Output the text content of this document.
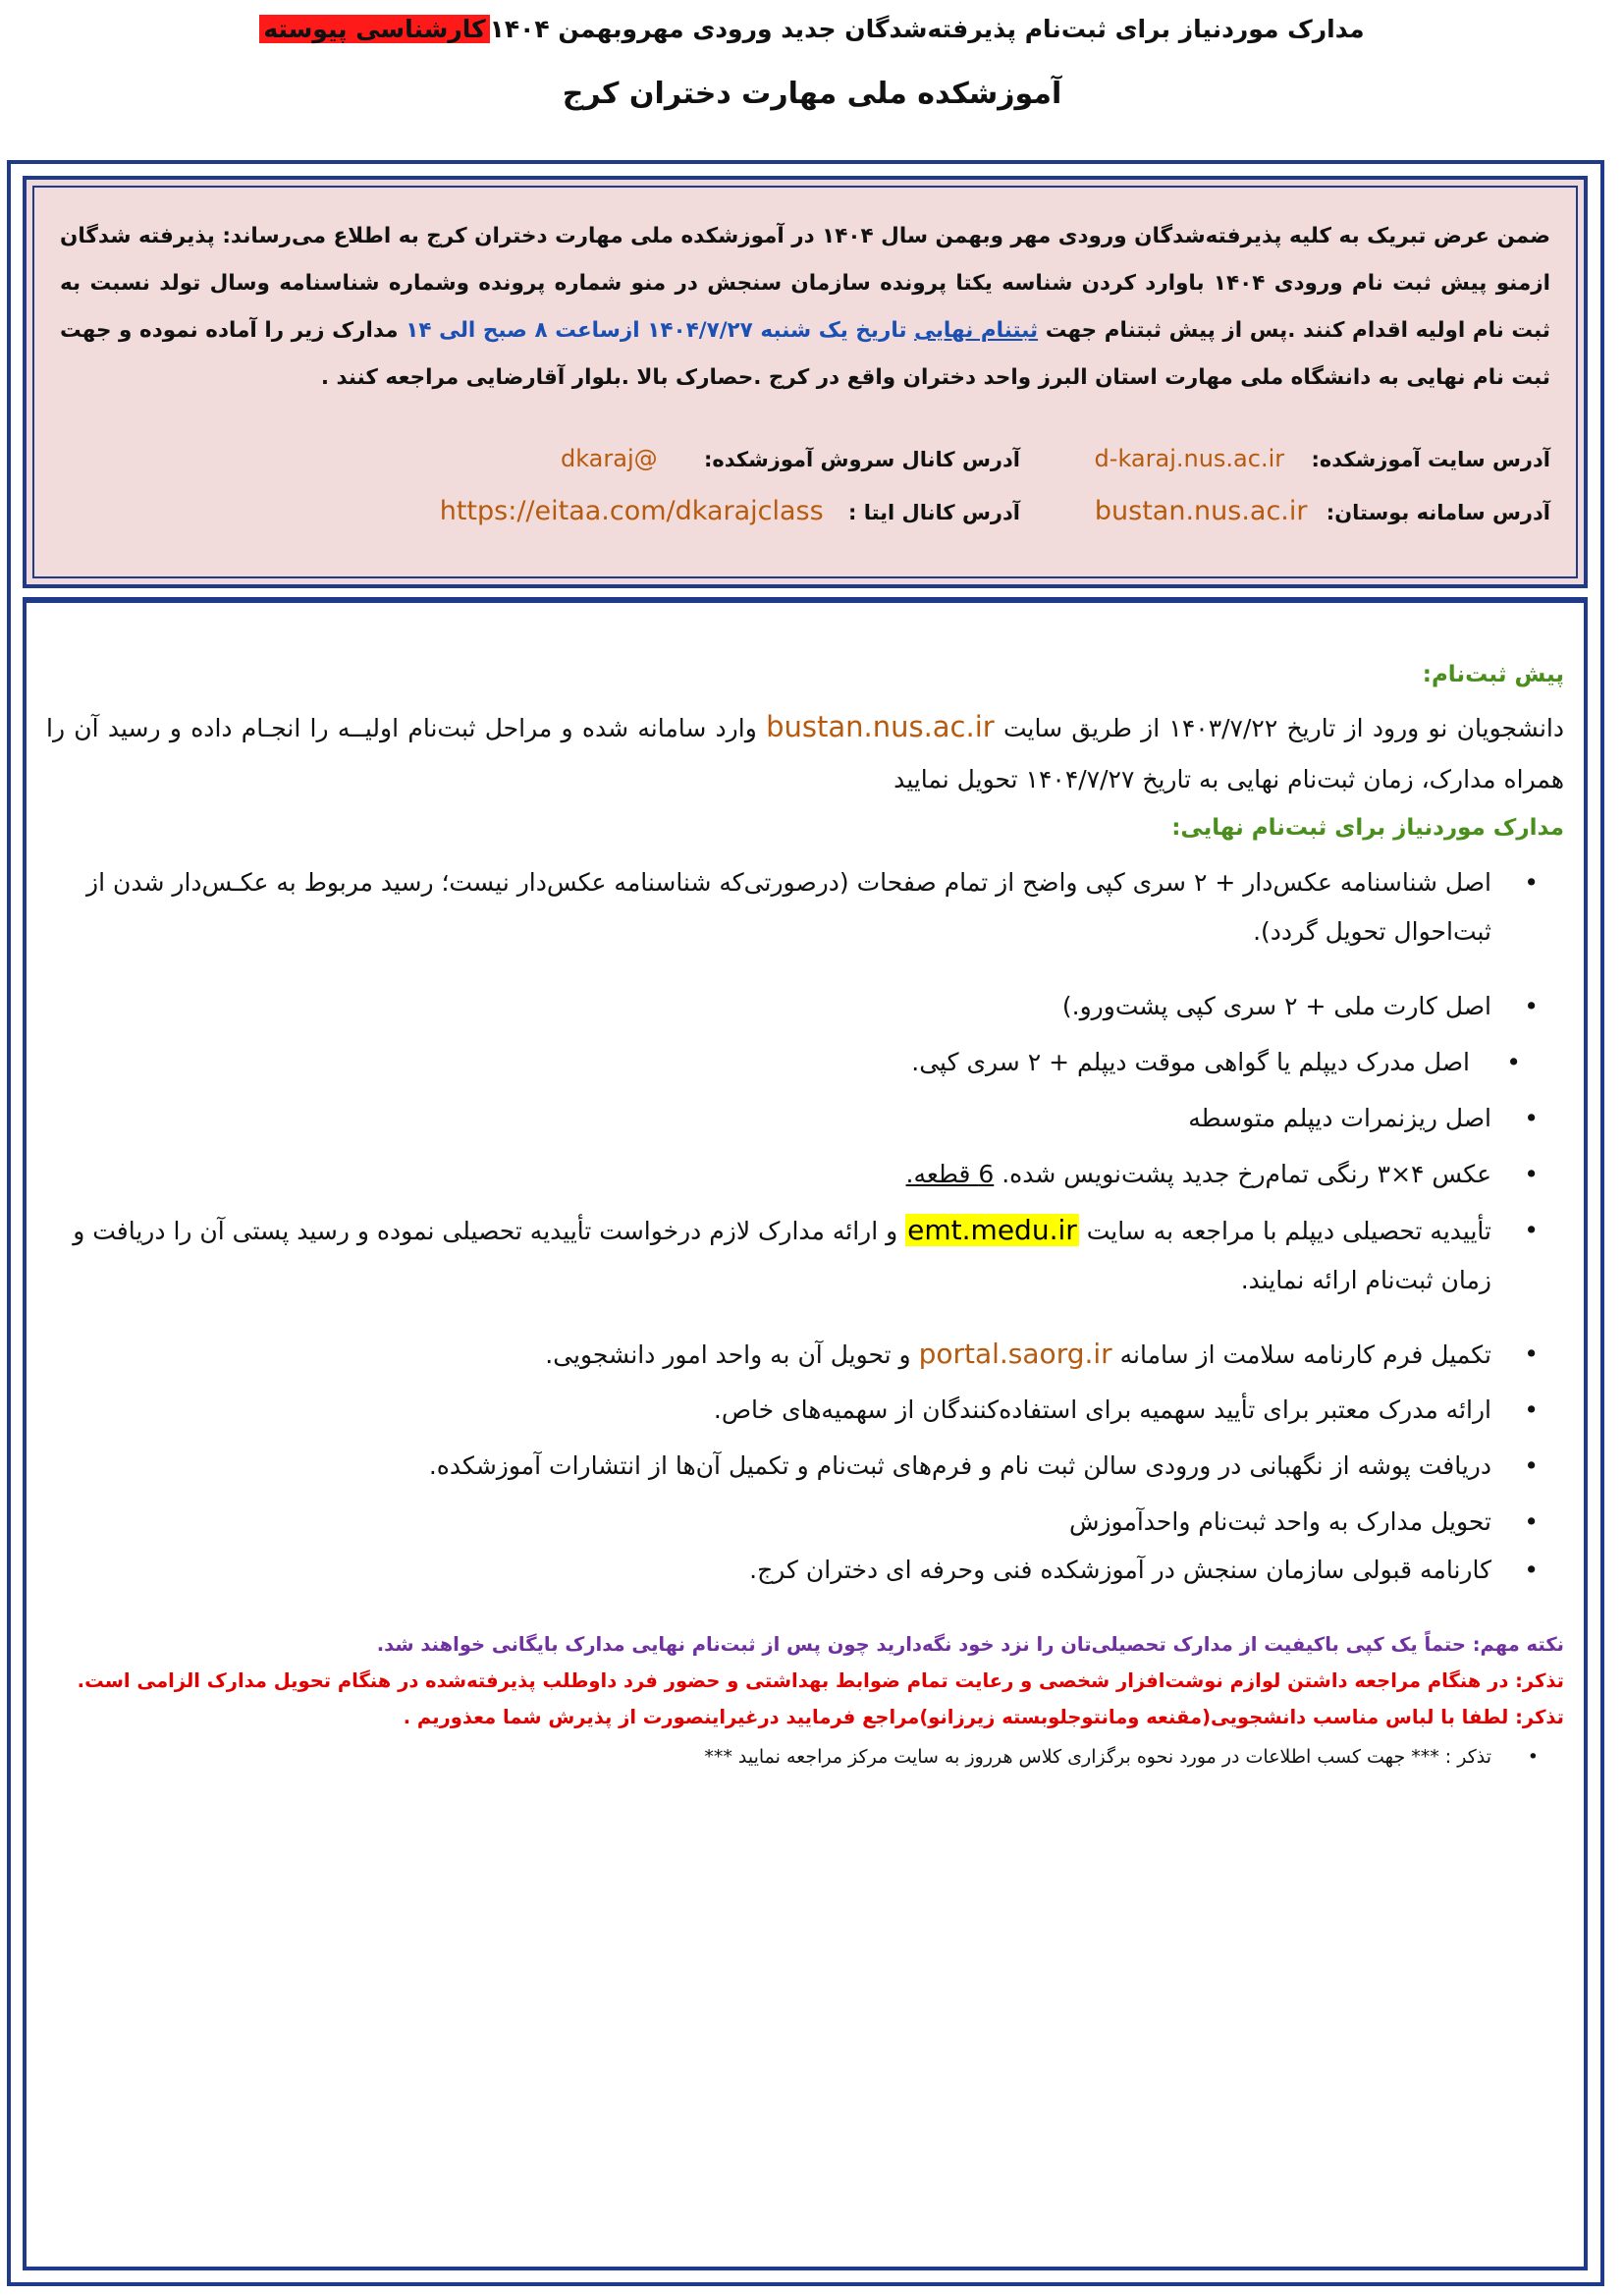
مدارک موردنیاز برای ثبت‌نام پذیرفته‌شدگان جدید ورودی مهروبهمن ۱۴۰۴کارشناسی پیوسته
آموزشکده ملی مهارت دختران کرج

ضمن عرض تبریک به کلیه پذیرفته‌شدگان ورودی مهر وبهمن سال ۱۴۰۴ در آموزشکده ملی مهارت دختران کرج به اطلاع می‌رساند: پذیرفته شدگان ازمنو پیش ثبت نام ورودی ۱۴۰۴ باوارد کردن شناسه یکتا پرونده سازمان سنجش در منو شماره پرونده وشماره شناسنامه وسال تولد نسبت به ثبت نام اولیه اقدام کنند .پس از پیش ثبتنام جهت ثبتنام نهایی تاریخ یک شنبه ۱۴۰۴/۷/۲۷ ازساعت ۸ صبح الی ۱۴ مدارک زیر را آماده نموده و جهت ثبت نام نهایی به دانشگاه ملی مهارت استان البرز واحد دختران واقع در کرج .حصارک بالا .بلوار آقارضایی مراجعه کنند .

آدرس سایت آموزشکده: d-karaj.nus.ac.ir
آدرس کانال سروش آموزشکده: @dkaraj
آدرس سامانه بوستان: bustan.nus.ac.ir
آدرس کانال ایتا : https://eitaa.com/dkarajclass
پیش ثبت‌نام:

دانشجویان نو ورود از تاریخ ۱۴۰۳/۷/۲۲ از طریق سایت bustan.nus.ac.ir وارد سامانه شده و مراحل ثبت‌نام اولیــه را انجـام داده و رسید آن را همراه مدارک، زمان ثبت‌نام نهایی به تاریخ ۱۴۰۴/۷/۲۷ تحویل نمایید

مدارک موردنیاز برای ثبت‌نام نهایی:
•
اصل شناسنامه عکس‌دار + ۲ سری کپی واضح از تمام صفحات (درصورتی‌که شناسنامه عکس‌دار نیست؛ رسید مربوط به عکـس‌دار شدن از ثبت‌احوال تحویل گردد).
•
اصل کارت ملی + ۲ سری کپی پشت‌ورو.)
•
اصل مدرک دیپلم یا گواهی موقت دیپلم + ۲ سری کپی.
•
اصل ریزنمرات دیپلم متوسطه
•
عکس ۴×۳ رنگی تمام‌رخ جدید پشت‌نویس شده. 6 قطعه.
•
تأییدیه تحصیلی دیپلم با مراجعه به سایت emt.medu.ir و ارائه مدارک لازم درخواست تأییدیه تحصیلی نموده و رسید پستی آن را دریافت و زمان ثبت‌نام ارائه نمایند.
•
تکمیل فرم کارنامه سلامت از سامانه portal.saorg.ir و تحویل آن به واحد امور دانشجویی.
•
ارائه مدرک معتبر برای تأیید سهمیه برای استفاده‌کنندگان از سهمیه‌های خاص.
•
دریافت پوشه از نگهبانی در ورودی سالن ثبت نام و فرم‌های ثبت‌نام و تکمیل آن‌ها از انتشارات آموزشکده.
•
تحویل مدارک به واحد ثبت‌نام واحدآموزش
•
کارنامه قبولی سازمان سنجش در آموزشکده فنی وحرفه ای دختران کرج.
نکته مهم: حتماً یک کپی باکیفیت از مدارک تحصیلی‌تان را نزد خود نگه‌دارید چون پس از ثبت‌نام نهایی مدارک بایگانی خواهند شد.
تذکر: در هنگام مراجعه داشتن لوازم نوشت‌افزار شخصی و رعایت تمام ضوابط بهداشتی و حضور فرد داوطلب پذیرفته‌شده در هنگام تحویل مدارک الزامی است.
تذکر: لطفا با لباس مناسب دانشجویی(مقنعه ومانتوجلوبسته زیرزانو)مراجع فرمایید درغیراینصورت از پذیرش شما معذوریم .
•
تذکر : *** جهت کسب اطلاعات در مورد نحوه برگزاری کلاس هرروز به سایت مرکز مراجعه نمایید ***
